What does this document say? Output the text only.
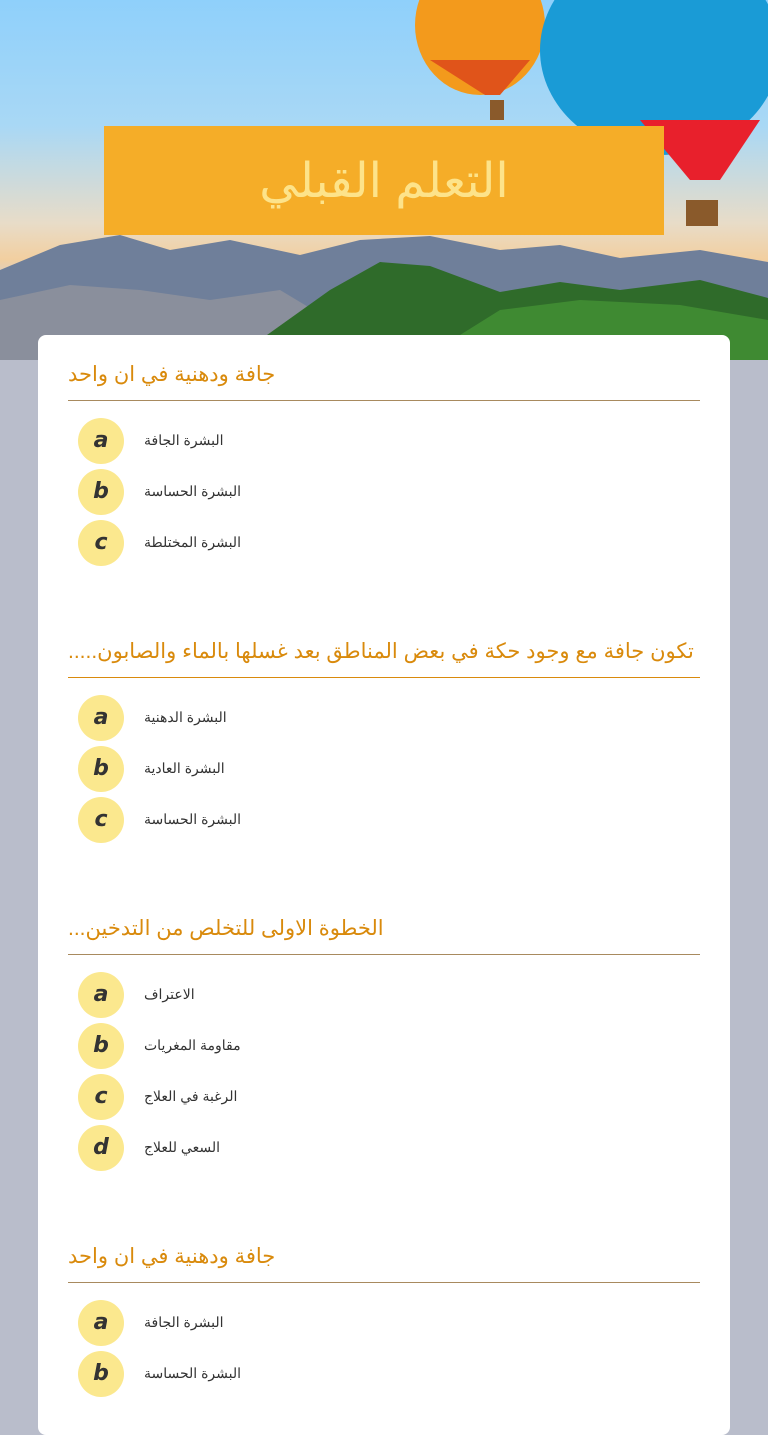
التعلم القبلي
جافة ودهنية في ان واحد
a	البشرة الجافة
b	البشرة الحساسة
c	البشرة المختلطة
تكون جافة مع وجود حكة في بعض المناطق بعد غسلها بالماء والصابون.....
a	البشرة الدهنية
b	البشرة العادية
c	البشرة الحساسة
الخطوة الاولى للتخلص من التدخين...
a	الاعتراف
b	مقاومة المغريات
c	الرغبة في العلاج
d	السعي للعلاج
جافة ودهنية في ان واحد
a	البشرة الجافة
b	البشرة الحساسة
